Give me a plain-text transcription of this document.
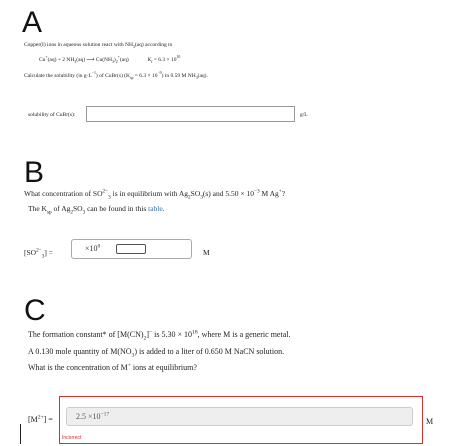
A
Copper(I) ions in aqueous solution react with $NH_3(aq)$ according to
Cu+(aq) + 2 $NH_3(aq)$ ⟶ $Cu(NH_3)_2^+(aq)$	$K_f = 6.3 \times 10^{10}$
Calculate the solubility (in $g\cdot L^{-1}$) of CuBr(s) $(K_{sp} = 6.3 \times 10^{-9})$ in 0.59 M $NH_3(aq)$.
solubility of CuBr(s):	g/L
B
What concentration of $SO^{2-}_3$ is in equilibrium with $Ag_2SO_3(s)$ and $5.50 \times 10^{-3}$ M Ag+?
The $K_{sp}$ of $Ag_2SO_3$ can be found in this table.
$[SO^{2-}_3]$ =	$\times 10^0$
M
C
The formation constant* of $[M(CN)_2]^-$ is $5.30 \times 10^{18}$, where M is a generic metal.
A 0.130 mole quantity of $M(NO_3)$ is added to a liter of 0.650 M NaCN solution.
What is the concentration of M+ ions at equilibrium?
$[M^{2+}]$ =	$2.5 \times 10^{-17}$
Incorrect
M
